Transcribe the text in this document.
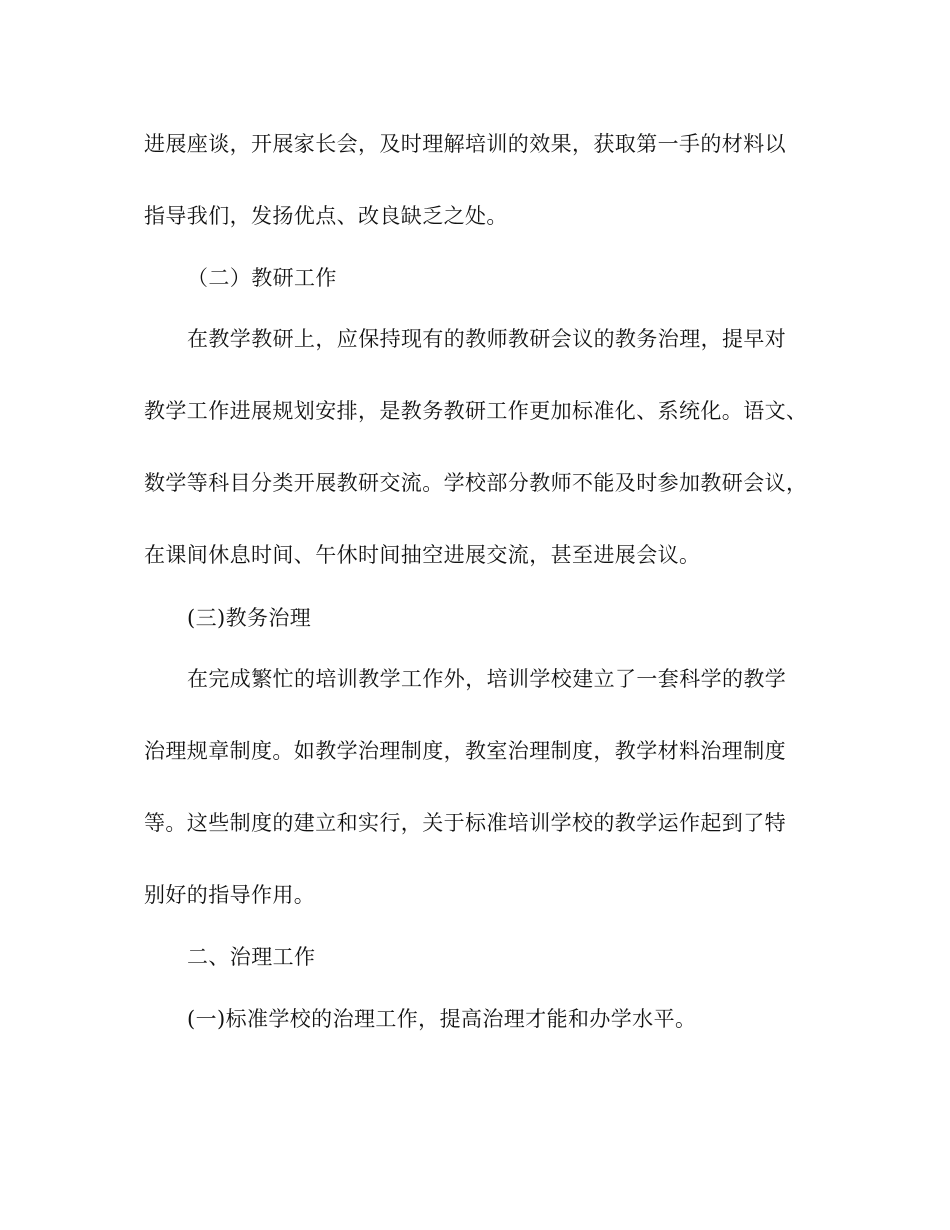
进展座谈，开展家长会，及时理解培训的效果，获取第一手的材料以
指导我们，发扬优点、改良缺乏之处。
（二）教研工作
在教学教研上，应保持现有的教师教研会议的教务治理，提早对
教学工作进展规划安排，是教务教研工作更加标准化、系统化。语文、
数学等科目分类开展教研交流。学校部分教师不能及时参加教研会议，
在课间休息时间、午休时间抽空进展交流，甚至进展会议。
(三)教务治理
在完成繁忙的培训教学工作外，培训学校建立了一套科学的教学
治理规章制度。如教学治理制度，教室治理制度，教学材料治理制度
等。这些制度的建立和实行，关于标准培训学校的教学运作起到了特
别好的指导作用。
二、治理工作
(一)标准学校的治理工作，提高治理才能和办学水平。
